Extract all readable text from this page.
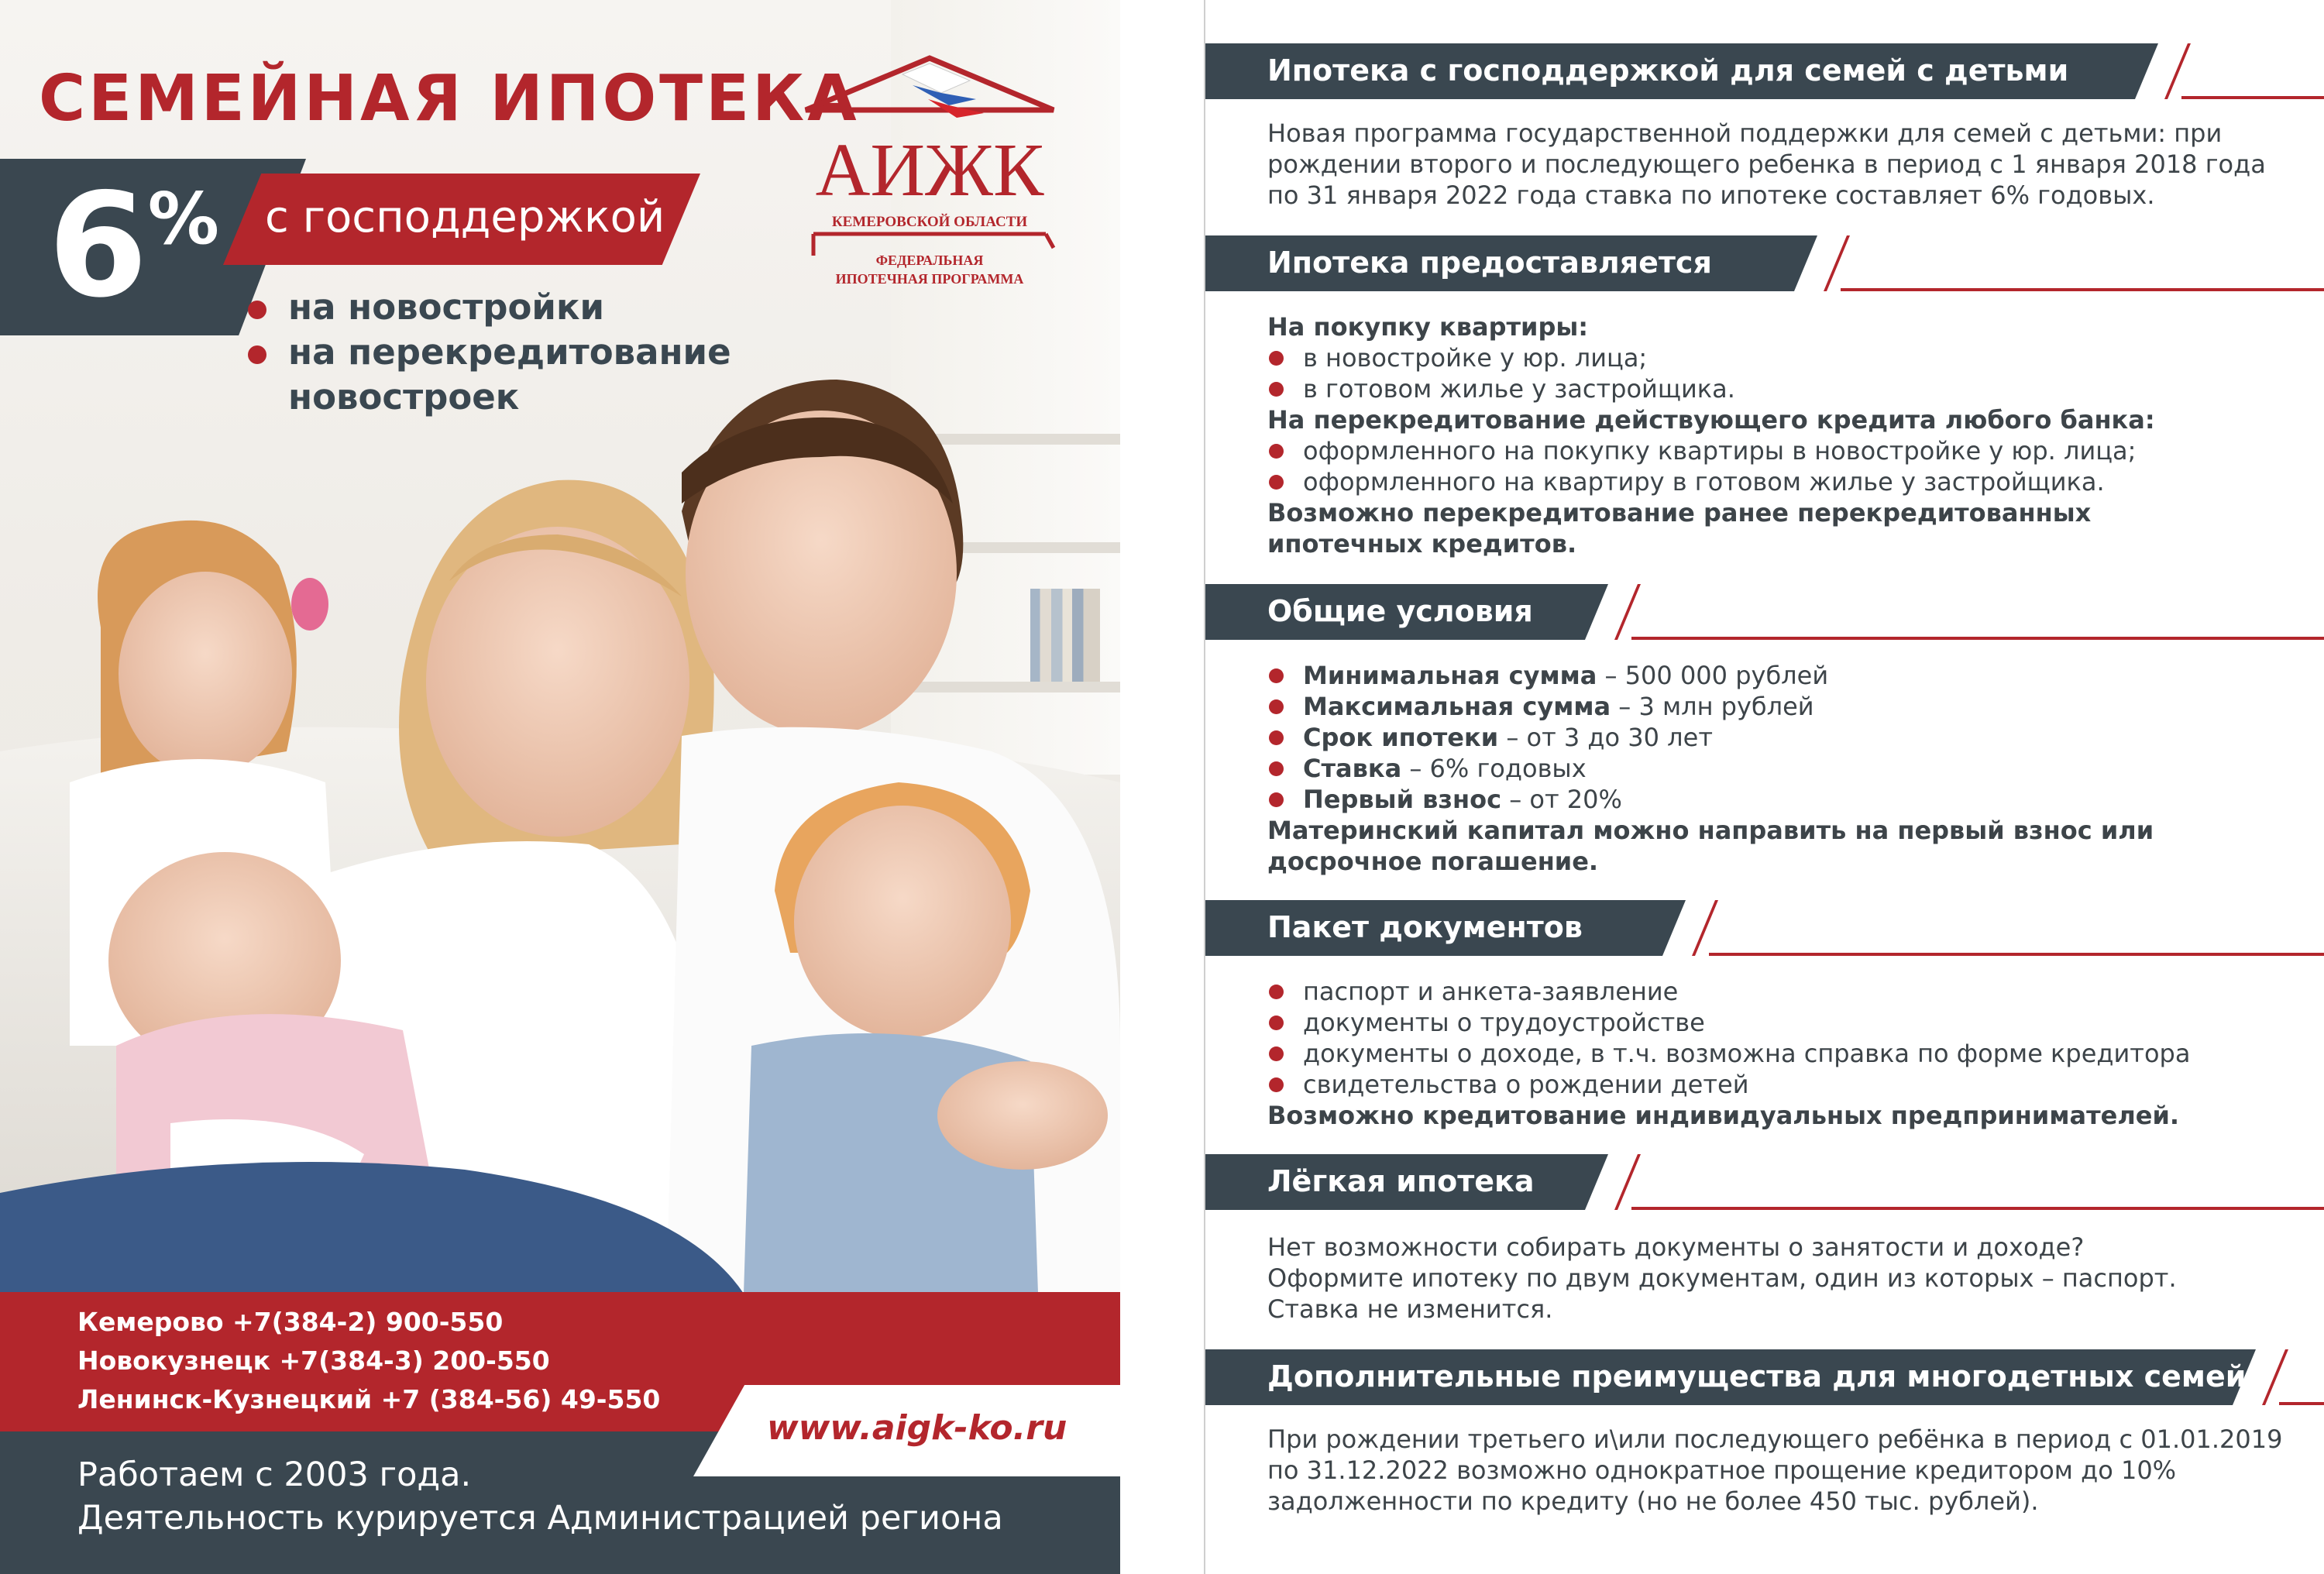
СЕМЕЙНАЯ ИПОТЕКА
6% с господдержкой
на новостройки
на перекредитование новостроек
АИЖК
КЕМЕРОВСКОЙ ОБЛАСТИ
ФЕДЕРАЛЬНАЯ
ИПОТЕЧНАЯ ПРОГРАММА
Кемерово +7(384-2) 900-550
Новокузнецк +7(384-3) 200-550
Ленинск-Кузнецкий +7 (384-56) 49-550
www.aigk-ko.ru
Работаем с 2003 года.
Деятельность курируется Администрацией региона
Ипотека с господдержкой для семей с детьми

Новая программа государственной поддержки для семей с детьми: при рождении второго и последующего ребенка в период с 1 января 2018 года по 31 января 2022 года ставка по ипотеке составляет 6% годовых.

Ипотека предоставляется

На покупку квартиры:

в новостройке у юр. лица;
в готовом жилье у застройщика.

На перекредитование действующего кредита любого банка:

оформленного на покупку квартиры в новостройке у юр. лица;
оформленного на квартиру в готовом жилье у застройщика.

Возможно перекредитование ранее перекредитованных ипотечных кредитов.

Общие условия
Минимальная сумма – 500 000 рублей
Максимальная сумма – 3 млн рублей
Срок ипотеки – от 3 до 30 лет
Ставка – 6% годовых
Первый взнос – от 20%

Материнский капитал можно направить на первый взнос или досрочное погашение.

Пакет документов
паспорт и анкета-заявление
документы о трудоустройстве
документы о доходе, в т.ч. возможна справка по форме кредитора
свидетельства о рождении детей

Возможно кредитование индивидуальных предпринимателей.

Лёгкая ипотека

Нет возможности собирать документы о занятости и доходе?

Оформите ипотеку по двум документам, один из которых – паспорт.

Ставка не изменится.

Дополнительные преимущества для многодетных семей

При рождении третьего и\или последующего ребёнка в период с 01.01.2019 по 31.12.2022 возможно однократное прощение кредитором до 10% задолженности по кредиту (но не более 450 тыс. рублей).
